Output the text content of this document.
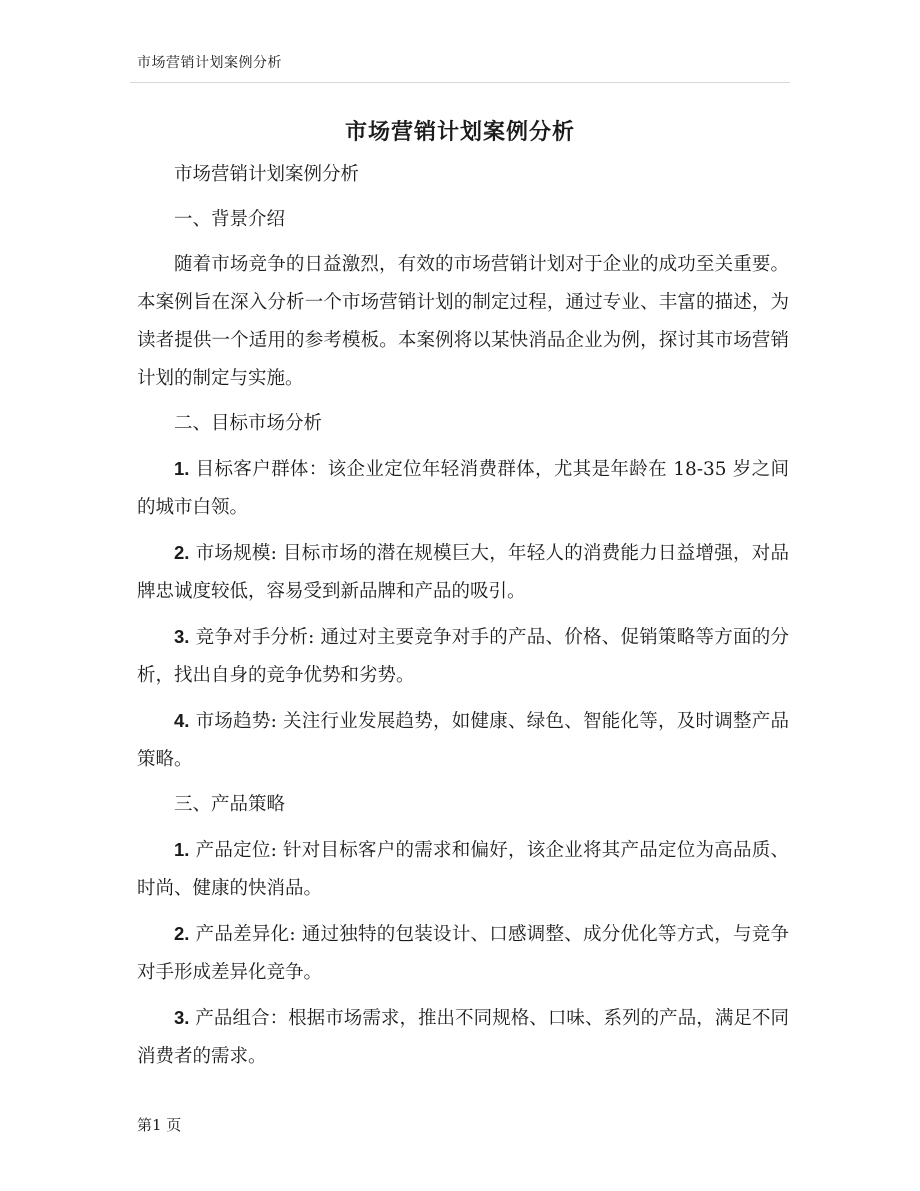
市场营销计划案例分析
市场营销计划案例分析

市场营销计划案例分析

一、背景介绍

随着市场竞争的日益激烈，有效的市场营销计划对于企业的成功至关重要。本案例旨在深入分析一个市场营销计划的制定过程，通过专业、丰富的描述，为读者提供一个适用的参考模板。本案例将以某快消品企业为例，探讨其市场营销计划的制定与实施。

二、目标市场分析

1. 目标客户群体：该企业定位年轻消费群体，尤其是年龄在 18-35 岁之间的城市白领。

2. 市场规模: 目标市场的潜在规模巨大，年轻人的消费能力日益增强，对品牌忠诚度较低，容易受到新品牌和产品的吸引。

3. 竞争对手分析: 通过对主要竞争对手的产品、价格、促销策略等方面的分析，找出自身的竞争优势和劣势。

4. 市场趋势: 关注行业发展趋势，如健康、绿色、智能化等，及时调整产品策略。

三、产品策略

1. 产品定位: 针对目标客户的需求和偏好，该企业将其产品定位为高品质、时尚、健康的快消品。

2. 产品差异化: 通过独特的包装设计、口感调整、成分优化等方式，与竞争对手形成差异化竞争。

3. 产品组合：根据市场需求，推出不同规格、口味、系列的产品，满足不同消费者的需求。

第1 页
